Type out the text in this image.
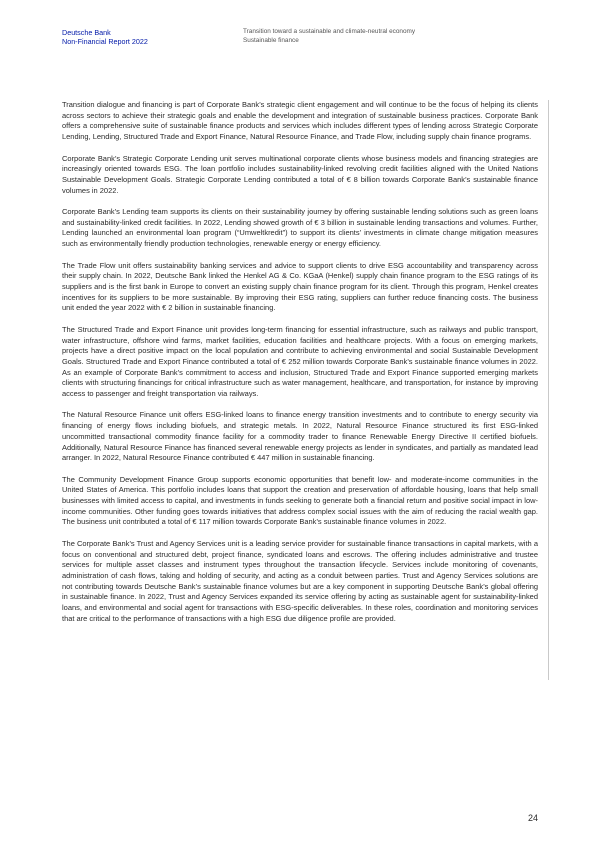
Deutsche Bank
Non-Financial Report 2022
Transition toward a sustainable and climate-neutral economy
Sustainable finance

Transition dialogue and financing is part of Corporate Bank’s strategic client engagement and will continue to be the focus of helping its clients across sectors to achieve their strategic goals and enable the development and integration of sustainable business practices. Corporate Bank offers a comprehensive suite of sustainable finance products and services which includes different types of lending across Strategic Corporate Lending, Lending, Structured Trade and Export Finance, Natural Resource Finance, and Trade Flow, including supply chain finance programs.

Corporate Bank’s Strategic Corporate Lending unit serves multinational corporate clients whose business models and financing strategies are increasingly oriented towards ESG. The loan portfolio includes sustainability-linked revolving credit facilities aligned with the United Nations Sustainable Development Goals. Strategic Corporate Lending contributed a total of € 8 billion towards Corporate Bank’s sustainable finance volumes in 2022.

Corporate Bank’s Lending team supports its clients on their sustainability journey by offering sustainable lending solutions such as green loans and sustainability-linked credit facilities. In 2022, Lending showed growth of € 3 billion in sustainable lending transactions and volumes. Further, Lending launched an environmental loan program (“Umweltkredit”) to support its clients’ investments in climate change mitigation measures such as environmentally friendly production technologies, renewable energy or energy efficiency.

The Trade Flow unit offers sustainability banking services and advice to support clients to drive ESG accountability and transparency across their supply chain. In 2022, Deutsche Bank linked the Henkel AG & Co. KGaA (Henkel) supply chain finance program to the ESG ratings of its suppliers and is the first bank in Europe to convert an existing supply chain finance program for its client. Through this program, Henkel creates incentives for its suppliers to be more sustainable. By improving their ESG rating, suppliers can further reduce financing costs. The business unit ended the year 2022 with € 2 billion in sustainable financing.

The Structured Trade and Export Finance unit provides long-term financing for essential infrastructure, such as railways and public transport, water infrastructure, offshore wind farms, market facilities, education facilities and healthcare projects. With a focus on emerging markets, projects have a direct positive impact on the local population and contribute to achieving environmental and social Sustainable Development Goals. Structured Trade and Export Finance contributed a total of € 252 million towards Corporate Bank’s sustainable finance volumes in 2022. As an example of Corporate Bank’s commitment to access and inclusion, Structured Trade and Export Finance supported emerging markets clients with structuring financings for critical infrastructure such as water management, healthcare, and transportation, for instance by improving access to passenger and freight transportation via railways.

The Natural Resource Finance unit offers ESG-linked loans to finance energy transition investments and to contribute to energy security via financing of energy flows including biofuels, and strategic metals. In 2022, Natural Resource Finance structured its first ESG-linked uncommitted transactional commodity finance facility for a commodity trader to finance Renewable Energy Directive II certified biofuels. Additionally, Natural Resource Finance has financed several renewable energy projects as lender in syndicates, and partially as mandated lead arranger. In 2022, Natural Resource Finance contributed € 447 million in sustainable financing.

The Community Development Finance Group supports economic opportunities that benefit low- and moderate-income communities in the United States of America. This portfolio includes loans that support the creation and preservation of affordable housing, loans that help small businesses with limited access to capital, and investments in funds seeking to generate both a financial return and positive social impact in low-income communities. Other funding goes towards initiatives that address complex social issues with the aim of reducing the racial wealth gap. The business unit contributed a total of € 117 million towards Corporate Bank’s sustainable finance volumes in 2022.

The Corporate Bank’s Trust and Agency Services unit is a leading service provider for sustainable finance transactions in capital markets, with a focus on conventional and structured debt, project finance, syndicated loans and escrows. The offering includes administrative and trustee services for multiple asset classes and instrument types throughout the transaction lifecycle. Services include monitoring of covenants, administration of cash flows, taking and holding of security, and acting as a conduit between parties. Trust and Agency Services solutions are not contributing towards Deutsche Bank’s sustainable finance volumes but are a key component in supporting Deutsche Bank’s global offering in sustainable finance. In 2022, Trust and Agency Services expanded its service offering by acting as sustainable agent for sustainability-linked loans, and environmental and social agent for transactions with ESG-specific deliverables. In these roles, coordination and monitoring services that are critical to the performance of transactions with a high ESG due diligence profile are provided.

24
